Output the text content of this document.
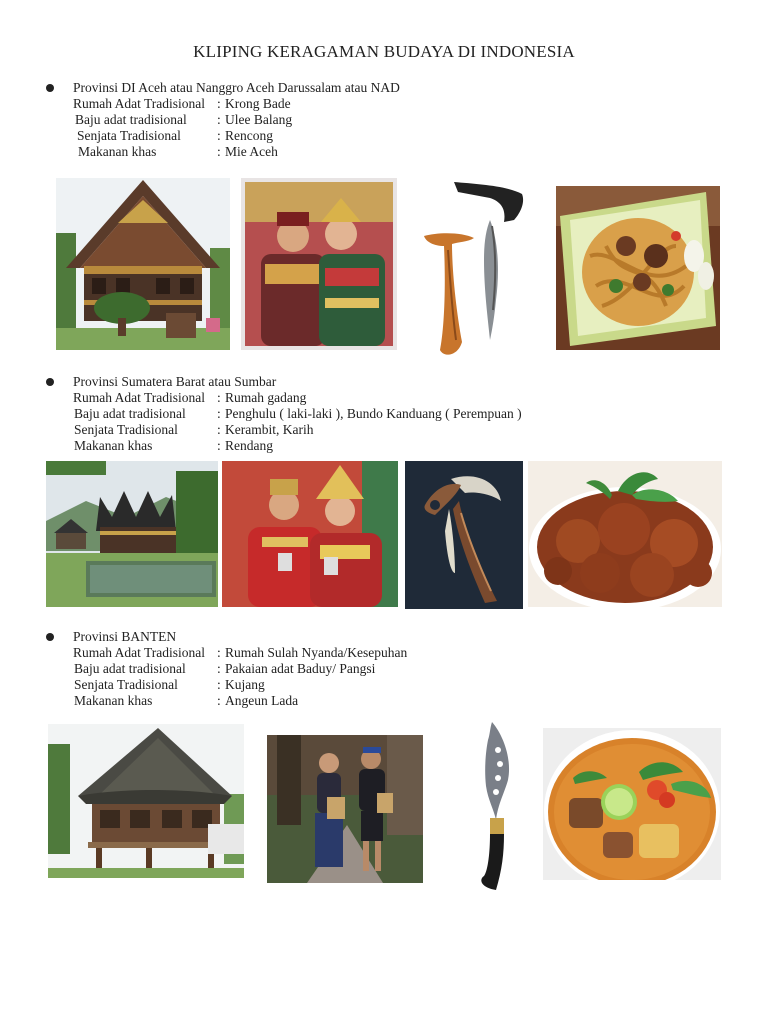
KLIPING KERAGAMAN BUDAYA DI INDONESIA
Provinsi DI Aceh atau Nanggro Aceh Darussalam atau NAD
Rumah Adat Tradisional : Krong Bade
Baju adat tradisional : Ulee Balang
Senjata Tradisional	: Rencong
Makanan khas	: Mie Aceh
Provinsi Sumatera Barat atau Sumbar
Rumah Adat Tradisional : Rumah gadang
Baju adat tradisional : Penghulu ( laki-laki ), Bundo Kanduang ( Perempuan )
Senjata Tradisional	: Kerambit, Karih
Makanan khas	: Rendang
Provinsi BANTEN
Rumah Adat Tradisional : Rumah Sulah Nyanda/Kesepuhan
Baju adat tradisional : Pakaian adat Baduy/ Pangsi
Senjata Tradisional	: Kujang
Makanan khas	: Angeun Lada
